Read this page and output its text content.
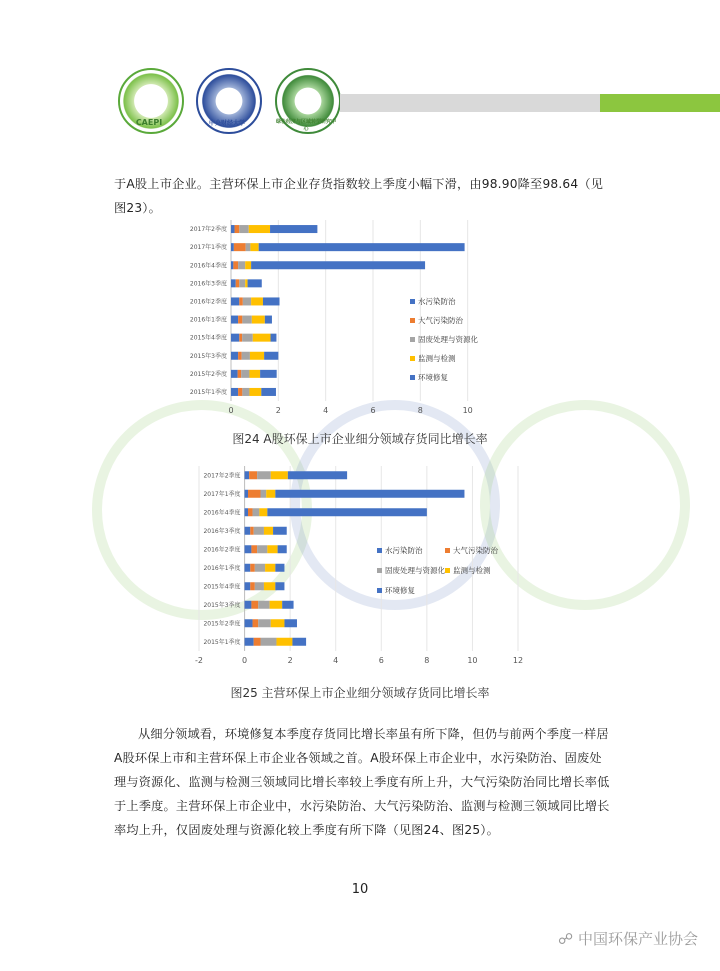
CAEPI	中央财经大学	绿色经济与区域转型研究中心
于A股上市企业。主营环保上市企业存货指数较上季度小幅下滑，由98.90降至98.64（见图23）。
0	2	4	6	8	10
2017年2季度
2017年1季度
2016年4季度
2016年3季度
2016年2季度
2016年1季度
2015年4季度
2015年3季度
2015年2季度
2015年1季度
水污染防治
大气污染防治
固废处理与资源化
监测与检测
环境修复
图24 A股环保上市企业细分领域存货同比增长率
-2	0	2	4	6	8	10	12
2017年2季度
2017年1季度
2016年4季度
2016年3季度
2016年2季度
2016年1季度
2015年4季度
2015年3季度
2015年2季度
2015年1季度
水污染防治	大气污染防治
固废处理与资源化 监测与检测
环境修复
图25 主营环保上市企业细分领域存货同比增长率
从细分领域看，环境修复本季度存货同比增长率虽有所下降，但仍与前两个季度一样居A股环保上市和主营环保上市企业各领域之首。A股环保上市企业中，水污染防治、固废处理与资源化、监测与检测三领域同比增长率较上季度有所上升，大气污染防治同比增长率低于上季度。主营环保上市企业中，水污染防治、大气污染防治、监测与检测三领域同比增长率均上升，仅固废处理与资源化较上季度有所下降（见图24、图25）。
10
☍ 中国环保产业协会
